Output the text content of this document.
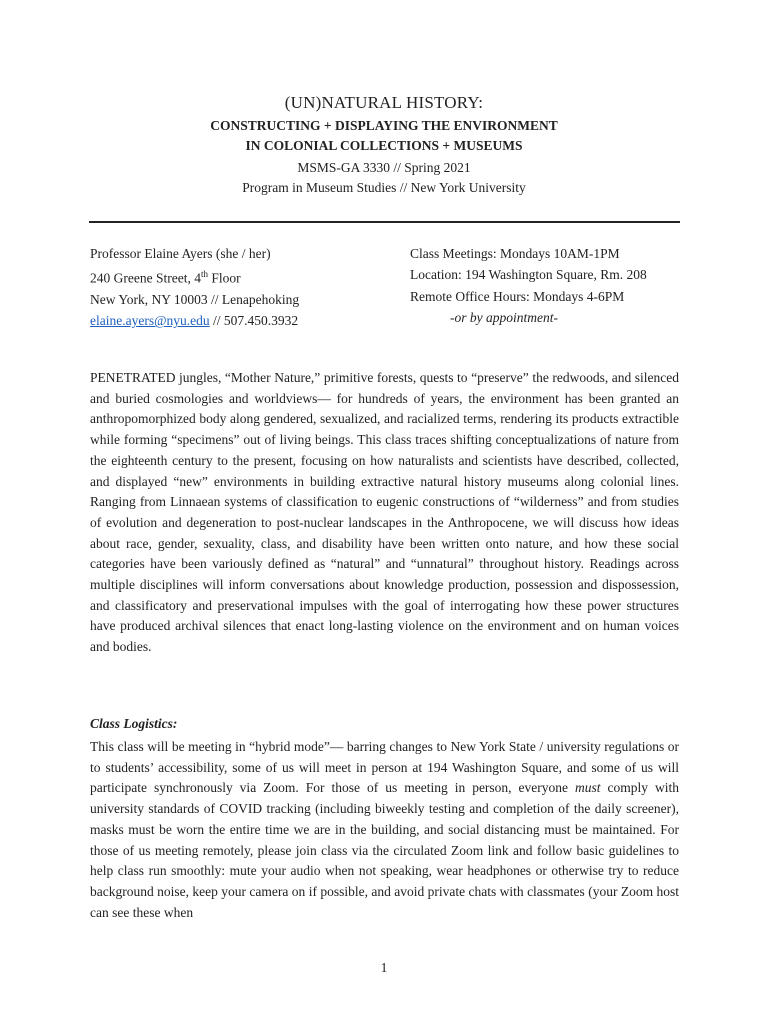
(UN)NATURAL HISTORY:
CONSTRUCTING + DISPLAYING THE ENVIRONMENT
IN COLONIAL COLLECTIONS + MUSEUMS
MSMS-GA 3330 // Spring 2021
Program in Museum Studies // New York University
Professor Elaine Ayers (she / her)
240 Greene Street, 4th Floor
New York, NY 10003 // Lenapehoking
elaine.ayers@nyu.edu // 507.450.3932
Class Meetings: Mondays 10AM-1PM
Location: 194 Washington Square, Rm. 208
Remote Office Hours: Mondays 4-6PM
-or by appointment-
PENETRATED jungles, “Mother Nature,” primitive forests, quests to “preserve” the redwoods, and silenced and buried cosmologies and worldviews— for hundreds of years, the environment has been granted an anthropomorphized body along gendered, sexualized, and racialized terms, rendering its products extractible while forming “specimens” out of living beings. This class traces shifting conceptualizations of nature from the eighteenth century to the present, focusing on how naturalists and scientists have described, collected, and displayed “new” environments in building extractive natural history museums along colonial lines. Ranging from Linnaean systems of classification to eugenic constructions of “wilderness” and from studies of evolution and degeneration to post-nuclear landscapes in the Anthropocene, we will discuss how ideas about race, gender, sexuality, class, and disability have been written onto nature, and how these social categories have been variously defined as “natural” and “unnatural” throughout history. Readings across multiple disciplines will inform conversations about knowledge production, possession and dispossession, and classificatory and preservational impulses with the goal of interrogating how these power structures have produced archival silences that enact long-lasting violence on the environment and on human voices and bodies.
Class Logistics:
This class will be meeting in “hybrid mode”— barring changes to New York State / university regulations or to students’ accessibility, some of us will meet in person at 194 Washington Square, and some of us will participate synchronously via Zoom. For those of us meeting in person, everyone must comply with university standards of COVID tracking (including biweekly testing and completion of the daily screener), masks must be worn the entire time we are in the building, and social distancing must be maintained. For those of us meeting remotely, please join class via the circulated Zoom link and follow basic guidelines to help class run smoothly: mute your audio when not speaking, wear headphones or otherwise try to reduce background noise, keep your camera on if possible, and avoid private chats with classmates (your Zoom host can see these when
1
